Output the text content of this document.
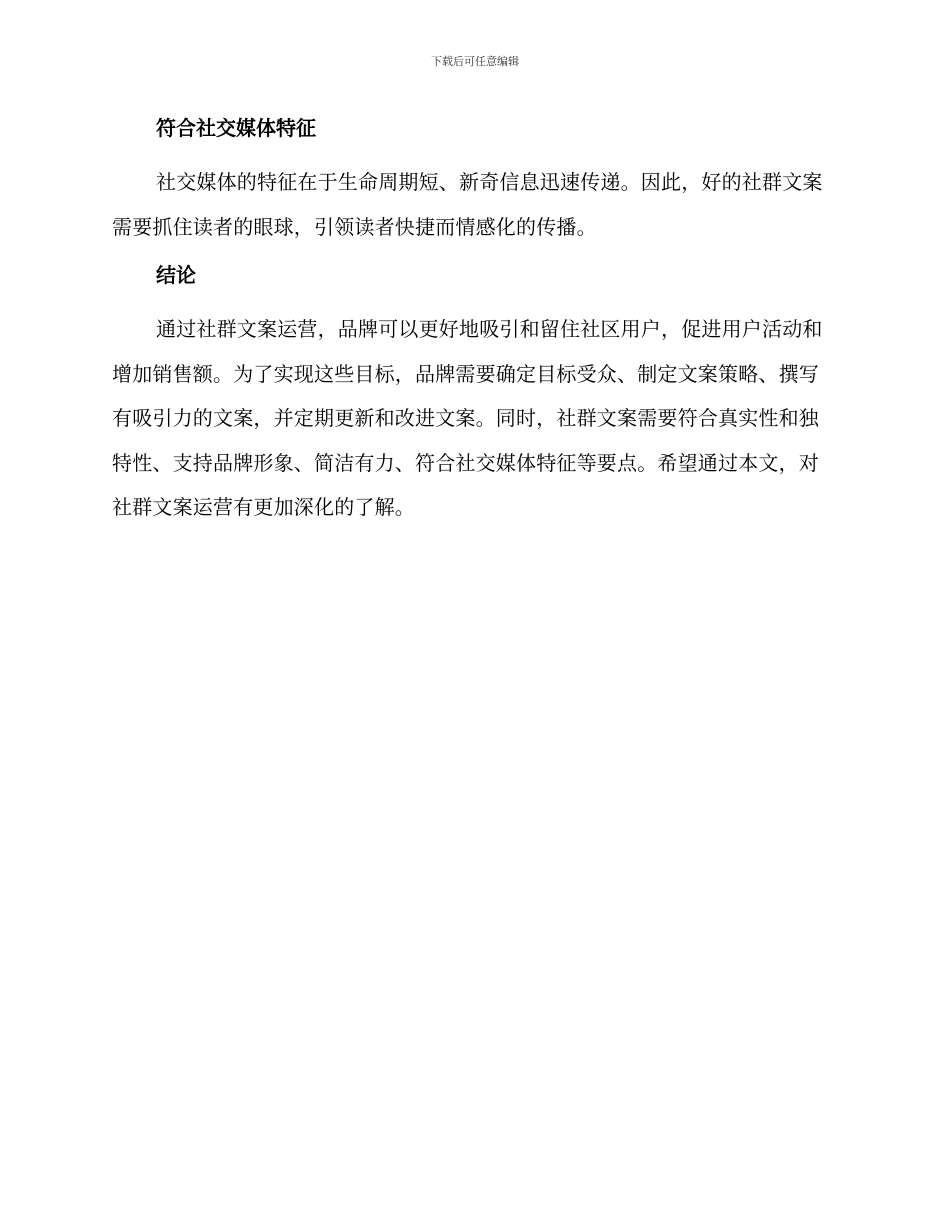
下载后可任意编辑
符合社交媒体特征
社交媒体的特征在于生命周期短、新奇信息迅速传递。因此，好的社群文案需要抓住读者的眼球，引领读者快捷而情感化的传播。
结论
通过社群文案运营，品牌可以更好地吸引和留住社区用户，促进用户活动和增加销售额。为了实现这些目标，品牌需要确定目标受众、制定文案策略、撰写有吸引力的文案，并定期更新和改进文案。同时，社群文案需要符合真实性和独特性、支持品牌形象、简洁有力、符合社交媒体特征等要点。希望通过本文，对社群文案运营有更加深化的了解。
